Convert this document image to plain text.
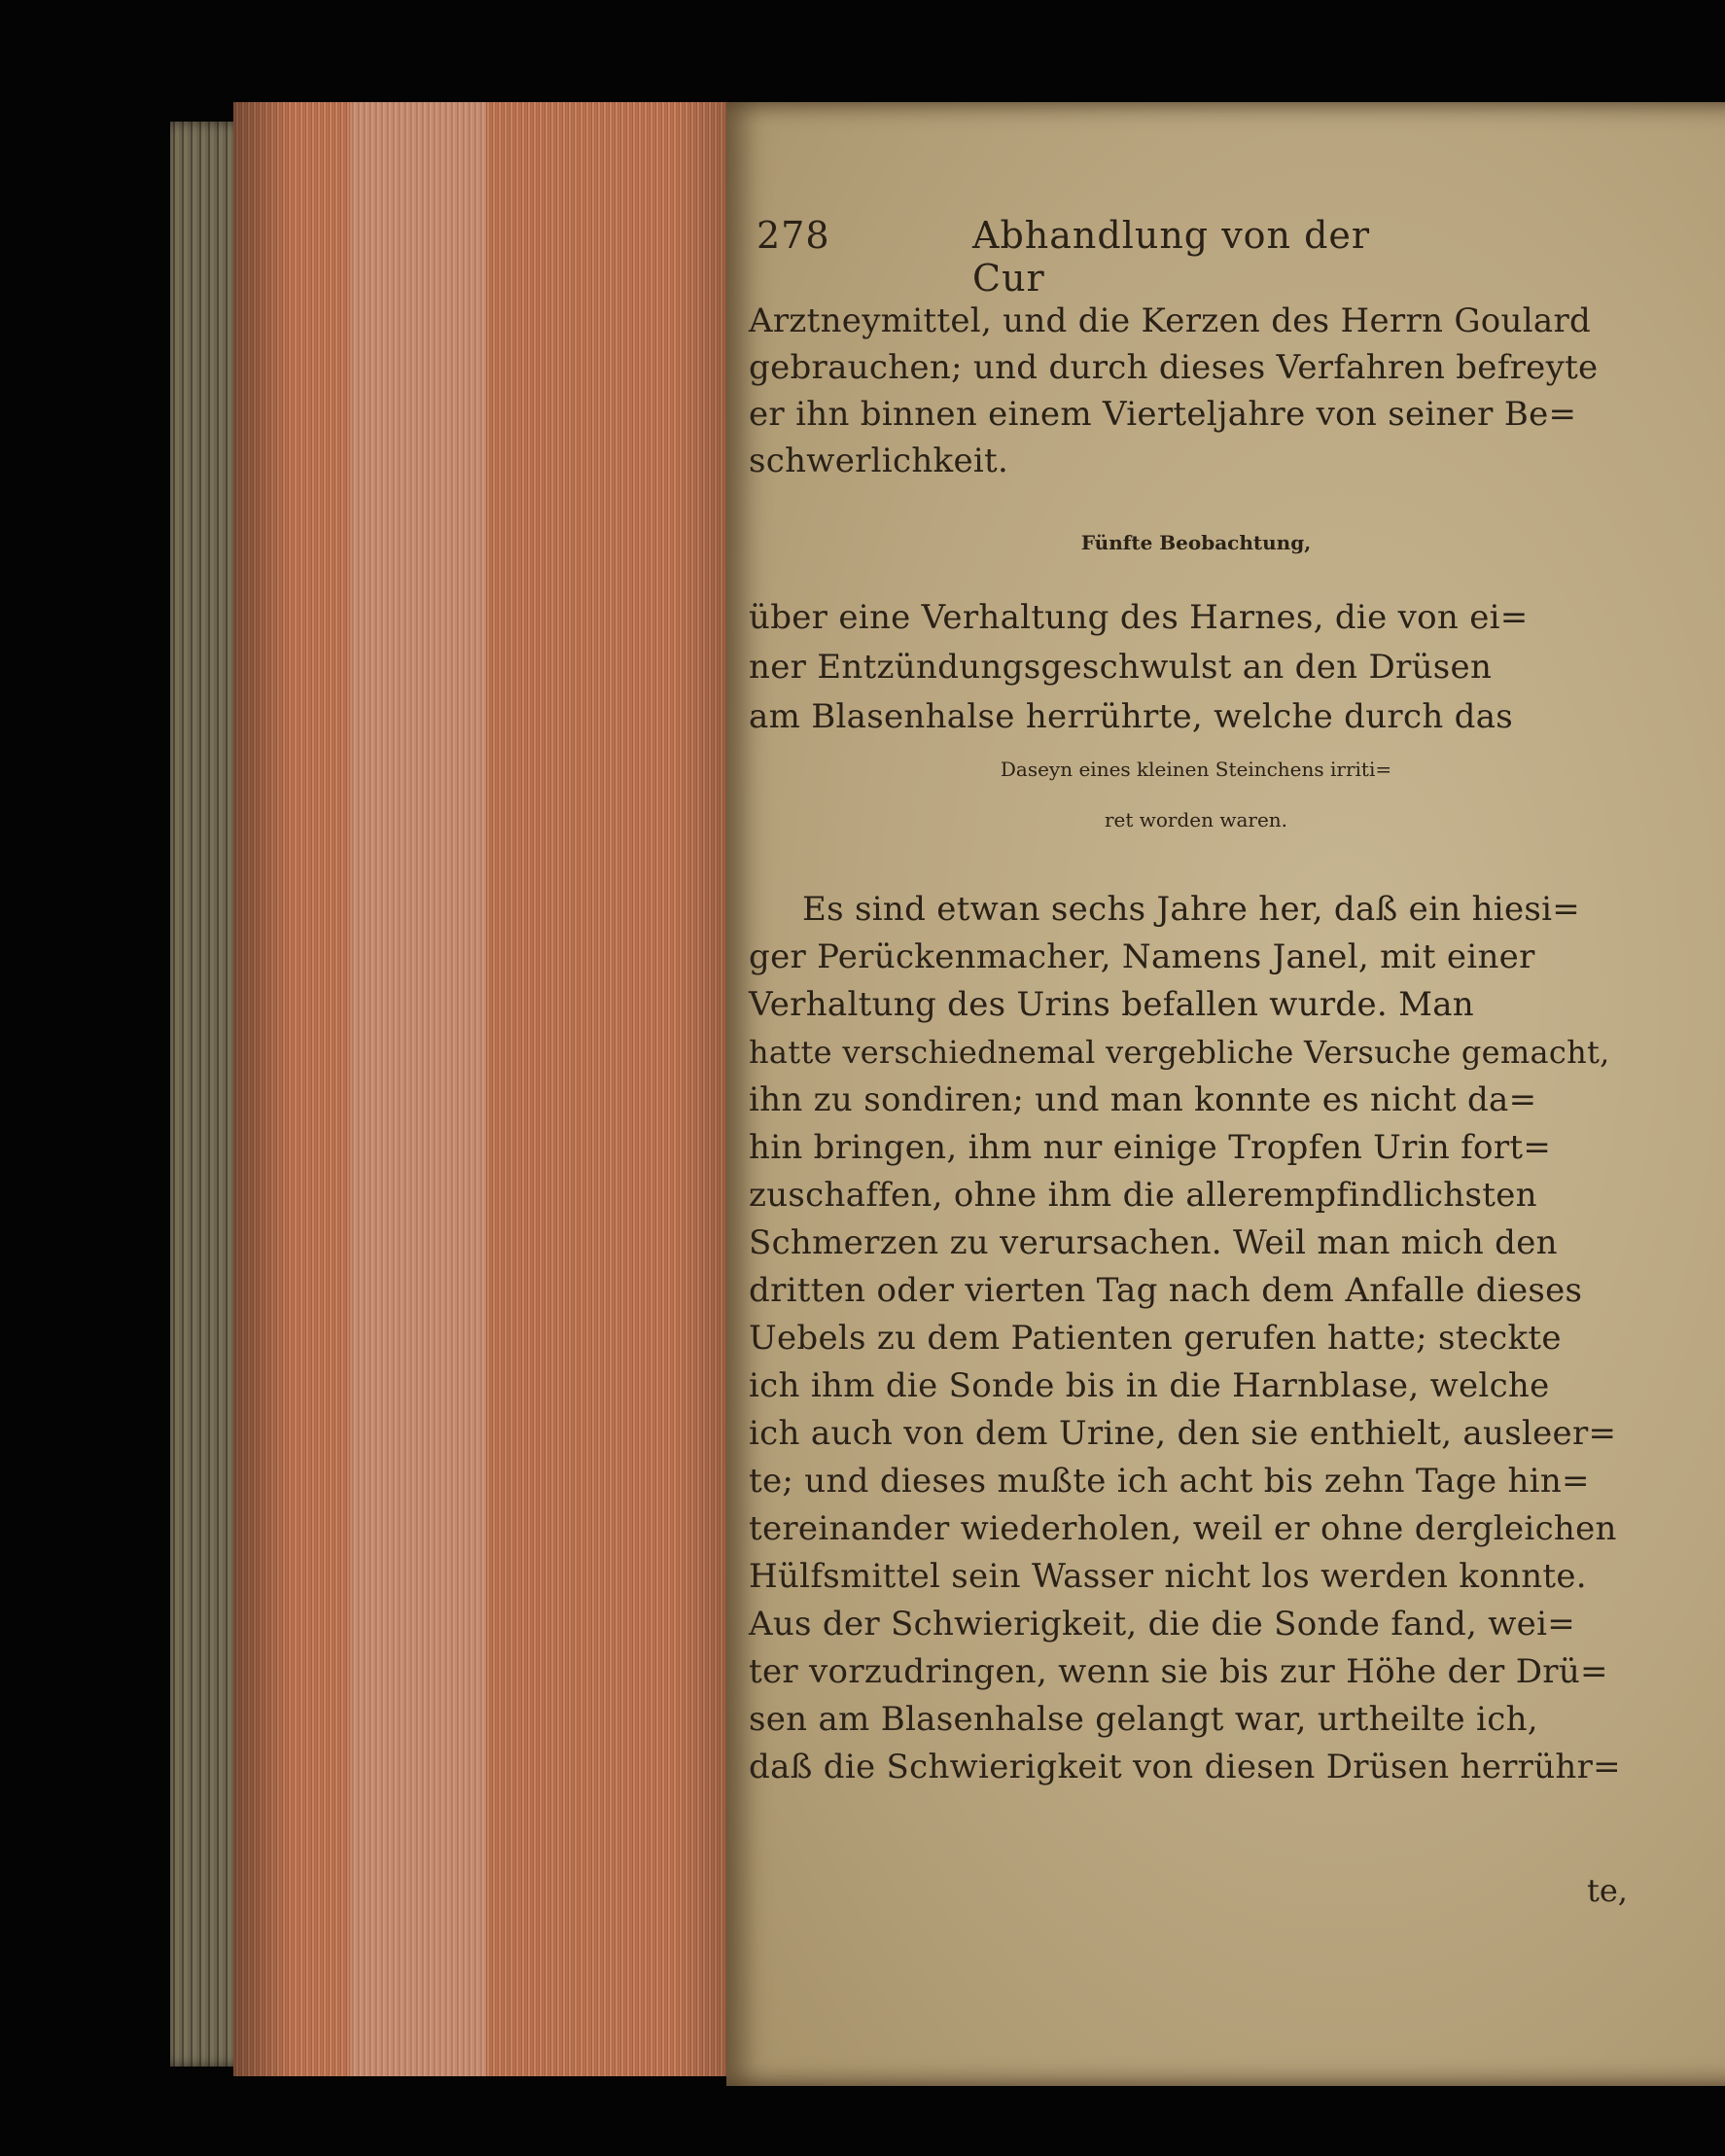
278	Abhandlung von der Cur
Arztneymittel, und die Kerzen des Herrn Goulard
gebrauchen; und durch dieses Verfahren befreyte
er ihn binnen einem Vierteljahre von seiner Be=
schwerlichkeit.
Fünfte Beobachtung,
über eine Verhaltung des Harnes, die von ei=
ner Entzündungsgeschwulst an den Drüsen
am Blasenhalse herrührte, welche durch das
Daseyn eines kleinen Steinchens irriti=
ret worden waren.
Es sind etwan sechs Jahre her, daß ein hiesi=
ger Perückenmacher, Namens Janel, mit einer
Verhaltung des Urins befallen wurde. Man
hatte verschiednemal vergebliche Versuche gemacht,
ihn zu sondiren; und man konnte es nicht da=
hin bringen, ihm nur einige Tropfen Urin fort=
zuschaffen, ohne ihm die allerempfindlichsten
Schmerzen zu verursachen. Weil man mich den
dritten oder vierten Tag nach dem Anfalle dieses
Uebels zu dem Patienten gerufen hatte; steckte
ich ihm die Sonde bis in die Harnblase, welche
ich auch von dem Urine, den sie enthielt, ausleer=
te; und dieses mußte ich acht bis zehn Tage hin=
tereinander wiederholen, weil er ohne dergleichen
Hülfsmittel sein Wasser nicht los werden konnte.
Aus der Schwierigkeit, die die Sonde fand, wei=
ter vorzudringen, wenn sie bis zur Höhe der Drü=
sen am Blasenhalse gelangt war, urtheilte ich,
daß die Schwierigkeit von diesen Drüsen herrühr=
te,
